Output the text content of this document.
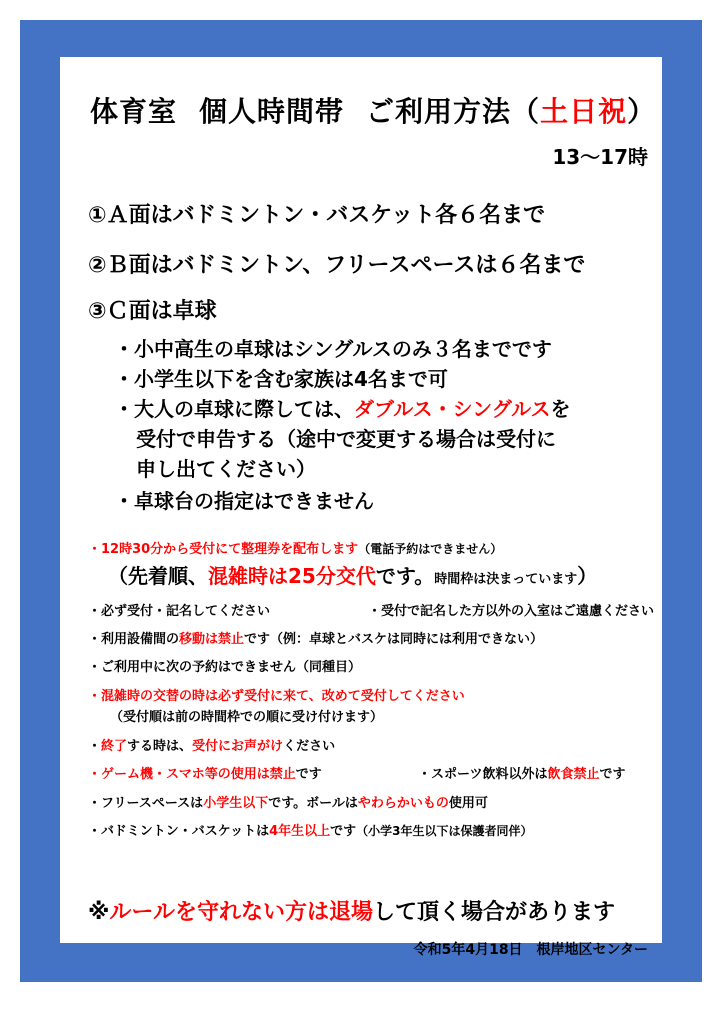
体育室 個人時間帯 ご利用方法（土日祝）
13～17時
①Ａ面はバドミントン・バスケット各６名まで
②Ｂ面はバドミントン、フリースペースは６名まで
③Ｃ面は卓球
・小中高生の卓球はシングルスのみ３名までです
・小学生以下を含む家族は4名まで可
・大人の卓球に際しては、ダブルス・シングルスを
受付で申告する（途中で変更する場合は受付に
申し出てください）
・卓球台の指定はできません
・12時30分から受付にて整理券を配布します（電話予約はできません）
（先着順、混雑時は25分交代です。時間枠は決まっています）
・必ず受付・記名してください	・受付で記名した方以外の入室はご遠慮ください
・利用設備間の移動は禁止です（例：卓球とバスケは同時には利用できない）
・ご利用中に次の予約はできません（同種目）
・混雑時の交替の時は必ず受付に来て、改めて受付してください
（受付順は前の時間枠での順に受け付けます）
・終了する時は、受付にお声がけください
・ゲーム機・スマホ等の使用は禁止です	・スポーツ飲料以外は飲食禁止です
・フリースペースは小学生以下です。ボールはやわらかいもの使用可
・バドミントン・バスケットは4年生以上です（小学3年生以下は保護者同伴）
※ルールを守れない方は退場して頂く場合があります
令和5年4月18日　根岸地区センター
